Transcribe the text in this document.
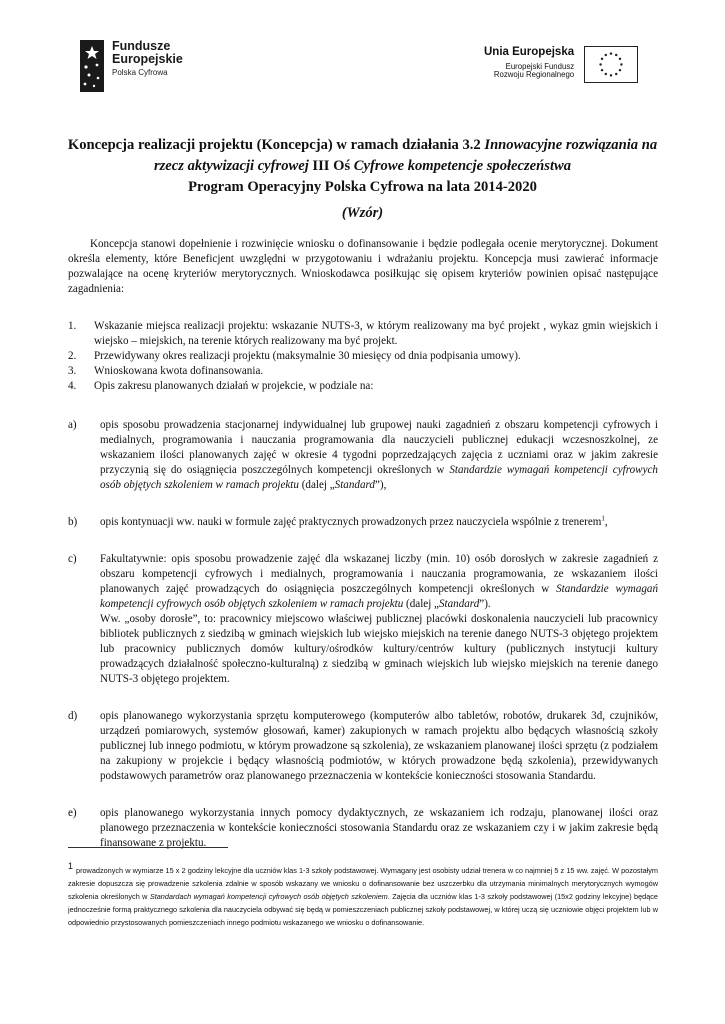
Fundusze
Europejskie
Polska Cyfrowa
Unia Europejska
Europejski Fundusz
Rozwoju Regionalnego
Koncepcja realizacji projektu (Koncepcja) w ramach działania 3.2 Innowacyjne rozwiązania na rzecz aktywizacji cyfrowej III Oś Cyfrowe kompetencje społeczeństwa
Program Operacyjny Polska Cyfrowa na lata 2014-2020
(Wzór)

Koncepcja stanowi dopełnienie i rozwinięcie wniosku o dofinansowanie i będzie podlegała ocenie merytorycznej. Dokument określa elementy, które Beneficjent uwzględni w przygotowaniu i wdrażaniu projektu. Koncepcja musi zawierać informacje pozwalające na ocenę kryteriów merytorycznych. Wnioskodawca posiłkując się opisem kryteriów powinien opisać następujące zagadnienia:

1. Wskazanie miejsca realizacji projektu: wskazanie NUTS-3, w którym realizowany ma być projekt , wykaz gmin wiejskich i wiejsko – miejskich, na terenie których realizowany ma być projekt.
2. Przewidywany okres realizacji projektu (maksymalnie 30 miesięcy od dnia podpisania umowy).
3. Wnioskowana kwota dofinansowania.
4. Opis zakresu planowanych działań w projekcie, w podziale na:
a) opis sposobu prowadzenia stacjonarnej indywidualnej lub grupowej nauki zagadnień z obszaru kompetencji cyfrowych i medialnych, programowania i nauczania programowania dla nauczycieli publicznej edukacji wczesnoszkolnej, ze wskazaniem ilości planowanych zajęć w okresie 4 tygodni poprzedzających zajęcia z uczniami oraz w jakim zakresie przyczynią się do osiągnięcia poszczególnych kompetencji określonych w Standardzie wymagań kompetencji cyfrowych osób objętych szkoleniem w ramach projektu (dalej „Standard”),
b) opis kontynuacji ww. nauki w formule zajęć praktycznych prowadzonych przez nauczyciela wspólnie z trenerem$^1$,
c) Fakultatywnie: opis sposobu prowadzenie zajęć dla wskazanej liczby (min. 10) osób dorosłych w zakresie zagadnień z obszaru kompetencji cyfrowych i medialnych, programowania i nauczania programowania, ze wskazaniem ilości planowanych zajęć prowadzących do osiągnięcia poszczególnych kompetencji określonych w Standardzie wymagań kompetencji cyfrowych osób objętych szkoleniem w ramach projektu (dalej „Standard”).
Ww. „osoby dorosłe”, to: pracownicy miejscowo właściwej publicznej placówki doskonalenia nauczycieli lub pracownicy bibliotek publicznych z siedzibą w gminach wiejskich lub wiejsko miejskich na terenie danego NUTS-3 objętego projektem lub pracownicy publicznych domów kultury/ośrodków kultury/centrów kultury (publicznych instytucji kultury prowadzących działalność społeczno-kulturalną) z siedzibą w gminach wiejskich lub wiejsko miejskich na terenie danego NUTS-3 objętego projektem.
d) opis planowanego wykorzystania sprzętu komputerowego (komputerów albo tabletów, robotów, drukarek 3d, czujników, urządzeń pomiarowych, systemów głosowań, kamer) zakupionych w ramach projektu albo będących własnością szkoły publicznej lub innego podmiotu, w którym prowadzone są szkolenia), ze wskazaniem planowanej ilości sprzętu (z podziałem na zakupiony w projekcie i będący własnością podmiotów, w których prowadzone będą szkolenia), przewidywanych podstawowych parametrów oraz planowanego przeznaczenia w kontekście konieczności stosowania Standardu.
e) opis planowanego wykorzystania innych pomocy dydaktycznych, ze wskazaniem ich rodzaju, planowanej ilości oraz planowego przeznaczenia w kontekście konieczności stosowania Standardu oraz ze wskazaniem czy i w jakim zakresie będą finansowane z projektu.
1 prowadzonych w wymiarze 15 x 2 godziny lekcyjne dla uczniów klas 1-3 szkoły podstawowej. Wymagany jest osobisty udział trenera w co najmniej 5 z 15 ww. zajęć. W pozostałym zakresie dopuszcza się prowadzenie szkolenia zdalnie w sposób wskazany we wniosku o dofinansowanie bez uszczerbku dla utrzymania minimalnych merytorycznych wymogów szkolenia określonych w Standardach wymagań kompetencji cyfrowych osób objętych szkoleniem. Zajęcia dla uczniów klas 1-3 szkoły podstawowej (15x2 godziny lekcyjne) będące jednocześnie formą praktycznego szkolenia dla nauczyciela odbywać się będą w pomieszczeniach publicznej szkoły podstawowej, w której uczą się uczniowie objęci projektem lub w odpowiednio przystosowanych pomieszczeniach innego podmiotu wskazanego we wniosku o dofinansowanie.
